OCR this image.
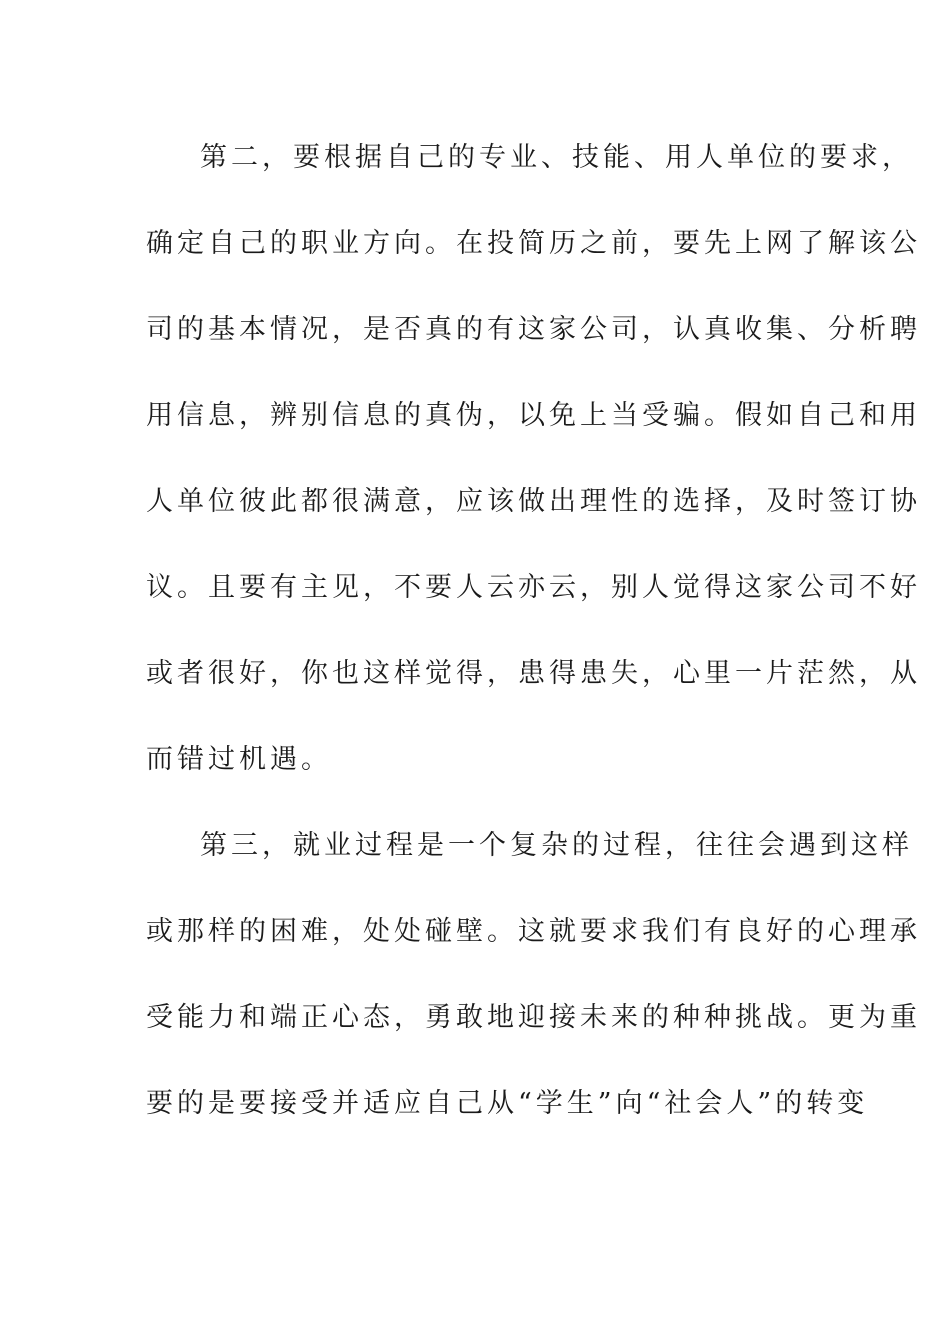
第二，要根据自己的专业、技能、用人单位的要求，
确定自己的职业方向。在投简历之前，要先上网了解该公
司的基本情况，是否真的有这家公司，认真收集、分析聘
用信息，辨别信息的真伪，以免上当受骗。假如自己和用
人单位彼此都很满意，应该做出理性的选择，及时签订协
议。且要有主见，不要人云亦云，别人觉得这家公司不好
或者很好，你也这样觉得，患得患失，心里一片茫然，从
而错过机遇。
第三，就业过程是一个复杂的过程，往往会遇到这样
或那样的困难，处处碰壁。这就要求我们有良好的心理承
受能力和端正心态，勇敢地迎接未来的种种挑战。更为重
要的是要接受并适应自己从“学生”向“社会人”的转变
